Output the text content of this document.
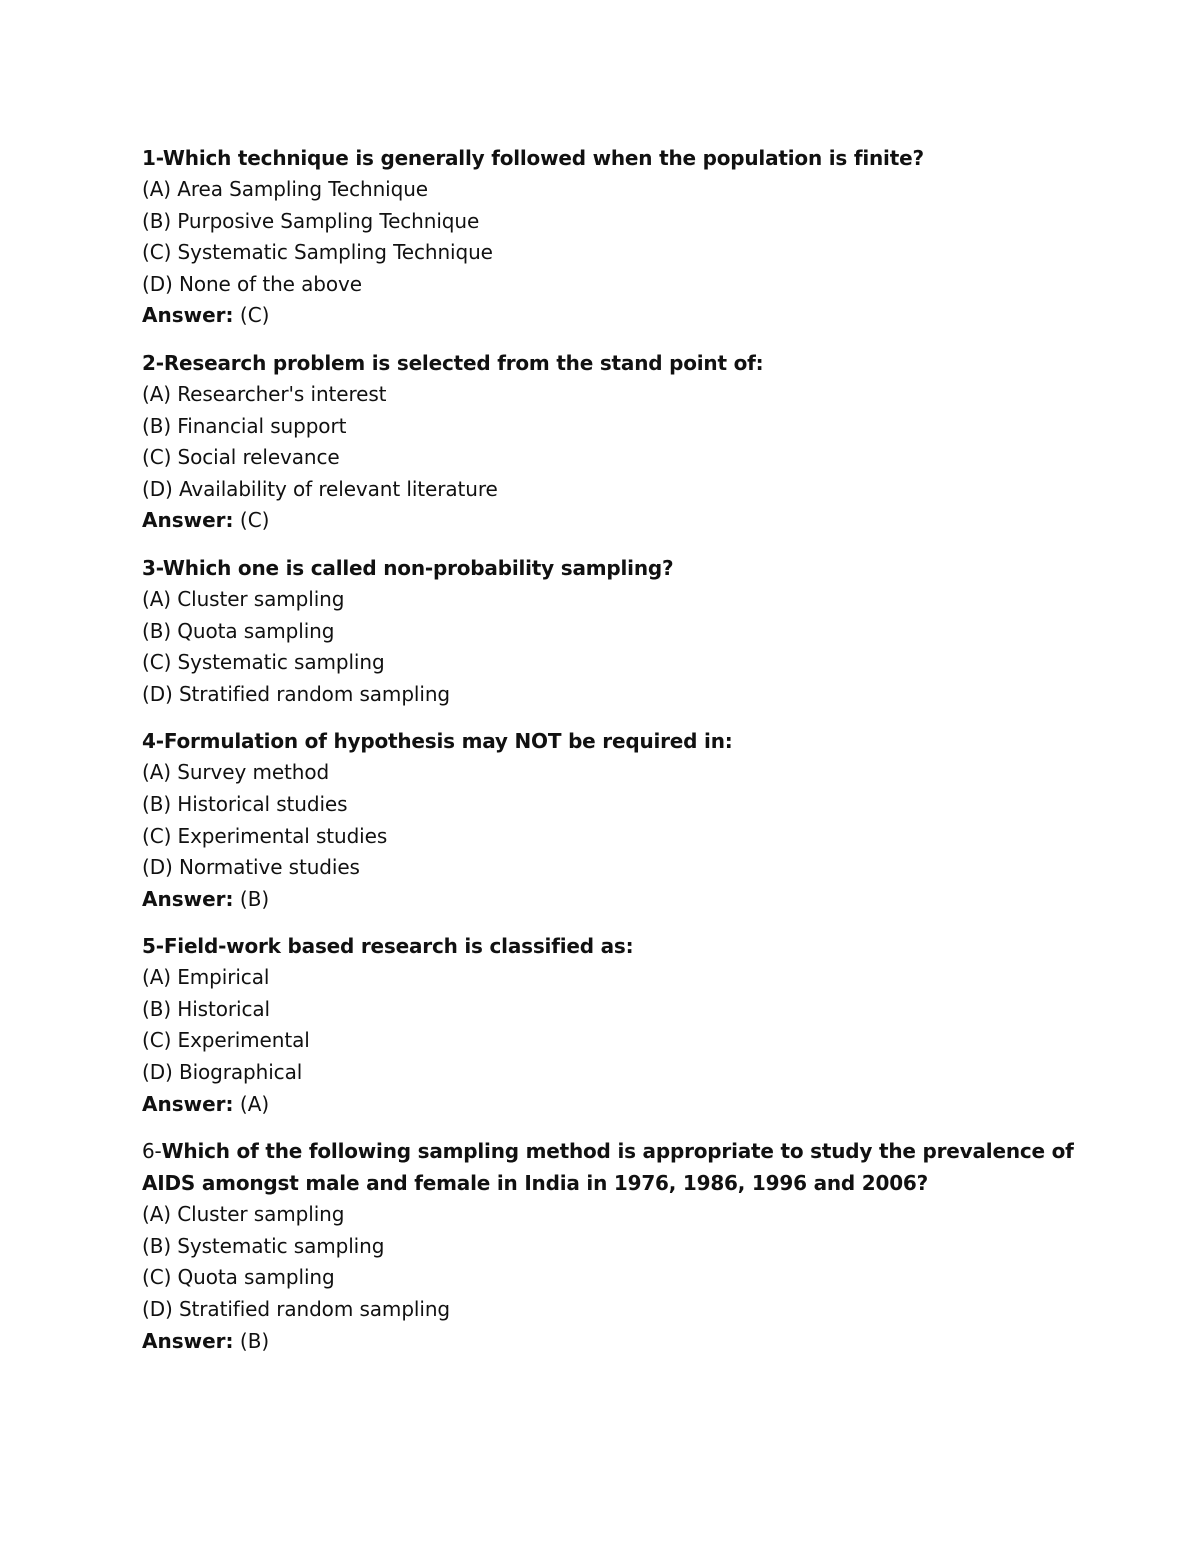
1-Which technique is generally followed when the population is finite?

(A) Area Sampling Technique

(B) Purposive Sampling Technique

(C) Systematic Sampling Technique

(D) None of the above

Answer: (C)

2-Research problem is selected from the stand point of:

(A) Researcher's interest

(B) Financial support

(C) Social relevance

(D) Availability of relevant literature

Answer: (C)

3-Which one is called non-probability sampling?

(A) Cluster sampling

(B) Quota sampling

(C) Systematic sampling

(D) Stratified random sampling

4-Formulation of hypothesis may NOT be required in:

(A) Survey method

(B) Historical studies

(C) Experimental studies

(D) Normative studies

Answer: (B)

5-Field-work based research is classified as:

(A) Empirical

(B) Historical

(C) Experimental

(D) Biographical

Answer: (A)

6-Which of the following sampling method is appropriate to study the prevalence of AIDS amongst male and female in India in 1976, 1986, 1996 and 2006?

(A) Cluster sampling

(B) Systematic sampling

(C) Quota sampling

(D) Stratified random sampling

Answer: (B)
